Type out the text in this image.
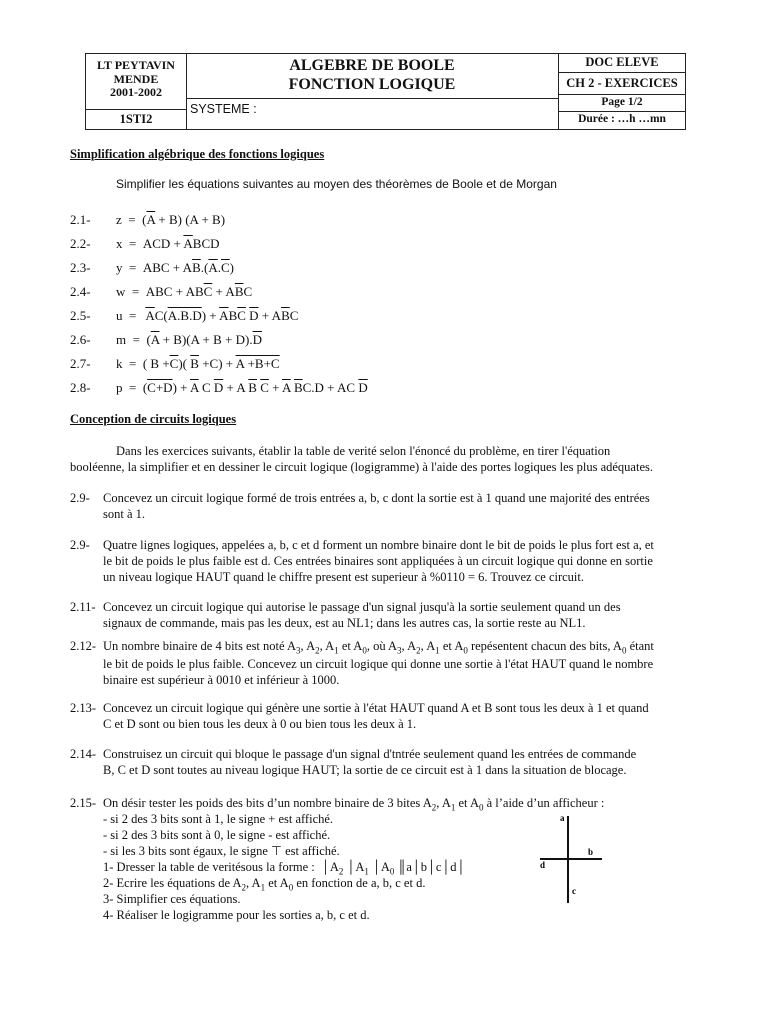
LT PEYTAVIN
MENDE
2001-2002
1STI2
ALGEBRE DE BOOLE
FONCTION LOGIQUE
SYSTEME :
DOC ELEVE
CH 2 - EXERCICES
Page 1/2
Durée : …h …mn
Simplification algébrique des fonctions logiques
Simplifier les équations suivantes au moyen des théorèmes de Boole et de Morgan
2.1- $z = (\overline{A} + B) (A + B)$
2.2- x  =  ACD + $\overline{A}BCD$
2.3- y  =  ABC + $A\overline{B}.(\overline{A}.\overline{C})$
2.4- w  =  ABC + $AB\overline{C} + A\overline{B}C$
2.5- $u = \overline{A}C(A.B.D) + \overline{A}B\overline{C}$ $\overline{D} + A\overline{B}C$
2.6- $m = (\overline{A} + B)(A + B + D).\overline{D}$
2.7- k  =  ( $B +\overline{C}$)( $\overline{B} +C) + A +B+C$
2.8- $p = (C+D) + \overline{A}$ C $\overline{D} + A$ $\overline{B}$ $\overline{C} + \overline{A}$ $\overline{B}C.D$ + AC $\overline{D}$
Conception de circuits logiques
Dans les exercices suivants, établir la table de verité selon l'énoncé du problème, en tirer l'équation
booléenne, la simplifier et en dessiner le circuit logique (logigramme) à l'aide des portes logiques les plus adéquates.
2.9- Concevez un circuit logique formé de trois entrées a, b, c dont la sortie est à 1 quand une majorité des entrées
sont à 1.
2.9- Quatre lignes logiques, appelées a, b, c et d forment un nombre binaire dont le bit de poids le plus fort est a, et
le bit de poids le plus faible est d. Ces entrées binaires sont appliquées à un circuit logique qui donne en sortie
un niveau logique HAUT quand le chiffre present est superieur à %0110 = 6. Trouvez ce circuit.
2.11- Concevez un circuit logique qui autorise le passage d'un signal jusqu'à la sortie seulement quand un des
signaux de commande, mais pas les deux, est au NL1; dans les autres cas, la sortie reste au NL1.
2.12- Un nombre binaire de 4 bits est noté $A_3$, $A_2$, $A_1$ et $A_0$, où $A_3$, $A_2$, $A_1$ et $A_0$ repésentent chacun des bits, $A_0$ étant
le bit de poids le plus faible. Concevez un circuit logique qui donne une sortie à l'état HAUT quand le nombre
binaire est supérieur à 0010 et inférieur à 1000.
2.13- Concevez un circuit logique qui génère une sortie à l'état HAUT quand A et B sont tous les deux à 1 et quand
C et D sont ou bien tous les deux à 0 ou bien tous les deux à 1.
2.14- Construisez un circuit qui bloque le passage d'un signal d'tntrée seulement quand les entrées de commande
B, C et D sont toutes au niveau logique HAUT; la sortie de ce circuit est à 1 dans la situation de blocage.
2.15- On désir tester les poids des bits d’un nombre binaire de 3 bites $A_2$, $A_1$ et $A_0$ à l’aide d’un afficheur :
- si 2 des 3 bits sont à 1, le signe + est affiché.
- si 2 des 3 bits sont à 0, le signe - est affiché.
- si les 3 bits sont égaux, le signe ⊤ est affiché.
1- Dresser la table de veritésous la forme :  $│A_2$ $│A_1$ $│A_0$ ║a│b│c│d│
2- Ecrire les équations de $A_2$, $A_1$ et $A_0$ en fonction de a, b, c et d.
3- Simplifier ces équations.
4- Réaliser le logigramme pour les sorties a, b, c et d.
a
b
c
d
